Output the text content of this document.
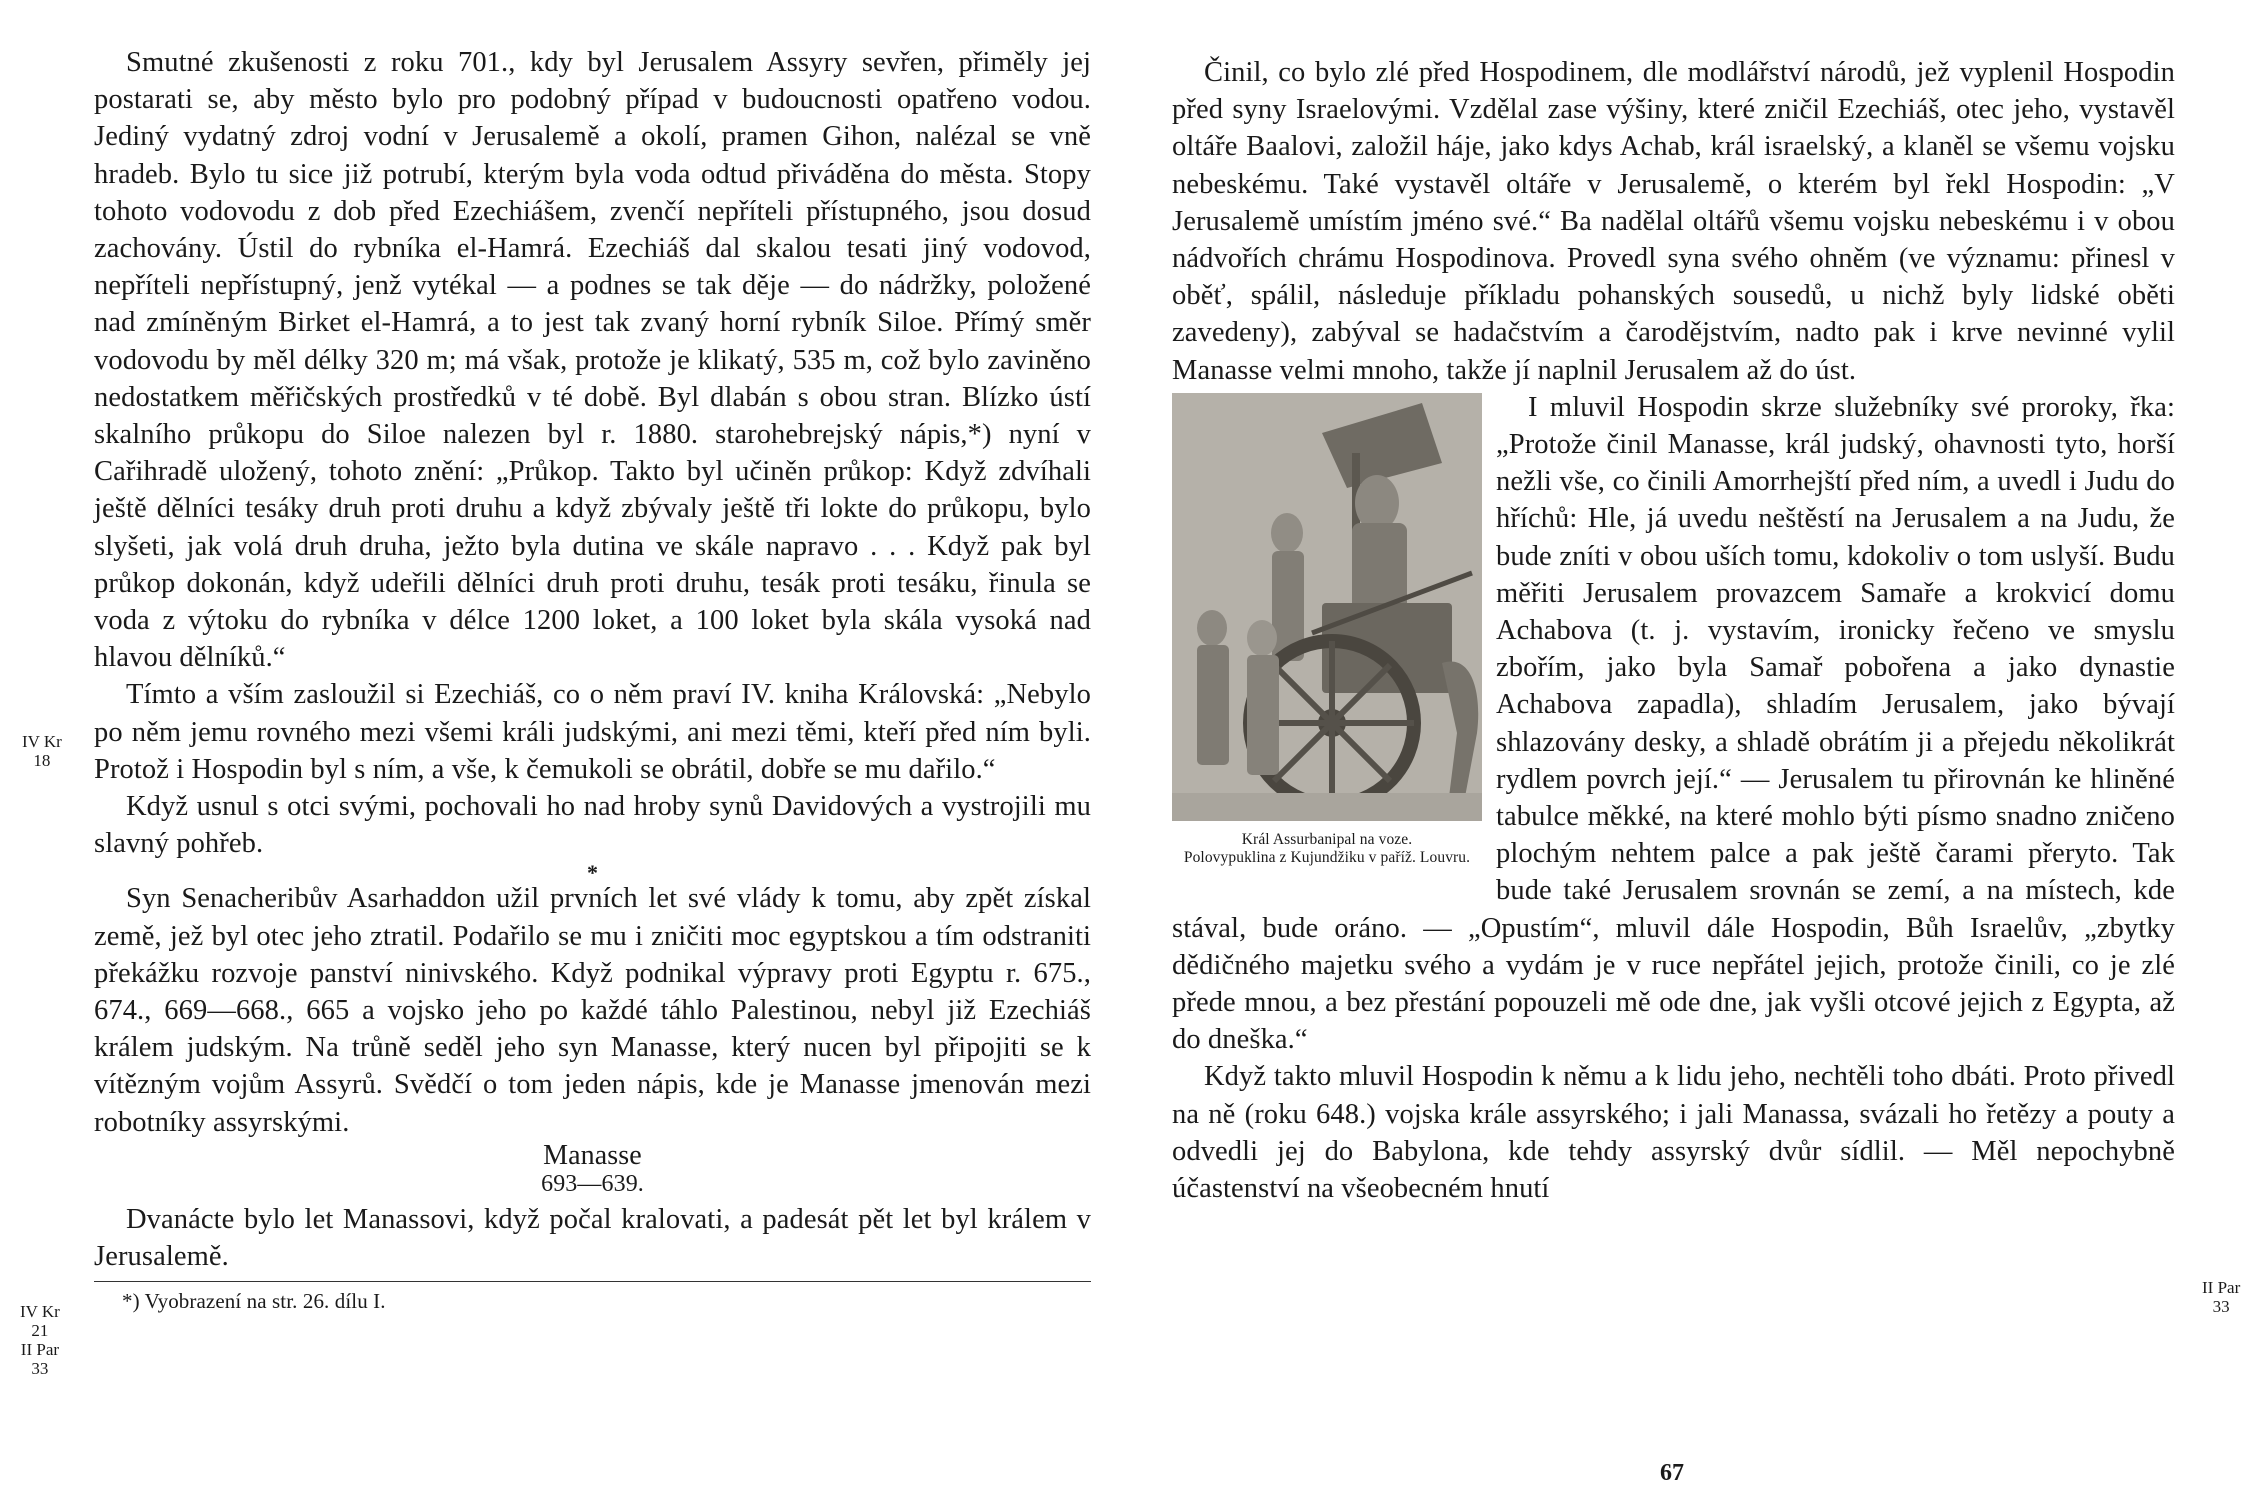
Smutné zkušenosti z roku 701., kdy byl Jerusalem Assyry sevřen, přiměly jej postarati se, aby město bylo pro podobný případ v budoucnosti opatřeno vodou. Jediný vydatný zdroj vodní v Jerusalemě a okolí, pramen Gihon, nalézal se vně hradeb. Bylo tu sice již potrubí, kterým byla voda odtud přiváděna do města. Stopy tohoto vodovodu z dob před Ezechiášem, zvenčí nepříteli přístupného, jsou dosud zachovány. Ústil do rybníka el-Hamrá. Ezechiáš dal skalou tesati jiný vodovod, nepříteli nepřístupný, jenž vytékal — a podnes se tak děje — do nádržky, položené nad zmíněným Birket el-Hamrá, a to jest tak zvaný horní rybník Siloe. Přímý směr vodovodu by měl délky 320 m; má však, protože je klikatý, 535 m, což bylo zaviněno nedostatkem měřičských prostředků v té době. Byl dlabán s obou stran. Blízko ústí skalního průkopu do Siloe nalezen byl r. 1880. starohebrejský nápis,*) nyní v Cařihradě uložený, tohoto znění: „Průkop. Takto byl učiněn průkop: Když zdvíhali ještě dělníci tesáky druh proti druhu a když zbývaly ještě tři lokte do průkopu, bylo slyšeti, jak volá druh druha, ježto byla dutina ve skále napravo . . . Když pak byl průkop dokonán, když udeřili dělníci druh proti druhu, tesák proti tesáku, řinula se voda z výtoku do rybníka v délce 1200 loket, a 100 loket byla skála vysoká nad hlavou dělníků.“

Tímto a vším zasloužil si Ezechiáš, co o něm praví IV. kniha Královská: „Nebylo po něm jemu rovného mezi všemi králi judskými, ani mezi těmi, kteří před ním byli. Protož i Hospodin byl s ním, a vše, k čemukoli se obrátil, dobře se mu dařilo.“

Když usnul s otci svými, pochovali ho nad hroby synů Davidových a vystrojili mu slavný pohřeb.

*

Syn Senacheribův Asarhaddon užil prvních let své vlády k tomu, aby zpět získal země, jež byl otec jeho ztratil. Podařilo se mu i zničiti moc egyptskou a tím odstraniti překážku rozvoje panství ninivského. Když podnikal výpravy proti Egyptu r. 675., 674., 669—668., 665 a vojsko jeho po každé táhlo Palestinou, nebyl již Ezechiáš králem judským. Na trůně seděl jeho syn Manasse, který nucen byl připojiti se k vítězným vojům Assyrů. Svědčí o tom jeden nápis, kde je Manasse jmenován mezi robotníky assyrskými.

Manasse
693—639.

Dvanácte bylo let Manassovi, když počal kralovati, a padesát pět let byl králem v Jerusalemě.

*) Vyobrazení na str. 26. dílu I.
IV Kr
18
IV Kr
21
II Par
33

Činil, co bylo zlé před Hospodinem, dle modlářství národů, jež vyplenil Hospodin před syny Israelovými. Vzdělal zase výšiny, které zničil Ezechiáš, otec jeho, vystavěl oltáře Baalovi, založil háje, jako kdys Achab, král israelský, a klaněl se všemu vojsku nebeskému. Také vystavěl oltáře v Jerusalemě, o kterém byl řekl Hospodin: „V Jerusalemě umístím jméno své.“ Ba nadělal oltářů všemu vojsku nebeskému i v obou nádvořích chrámu Hospodinova. Provedl syna svého ohněm (ve významu: přinesl v oběť, spálil, následuje příkladu pohanských sousedů, u nichž byly lidské oběti zavedeny), zabýval se hadačstvím a čarodějstvím, nadto pak i krve nevinné vylil Manasse velmi mnoho, takže jí naplnil Jerusalem až do úst.

Král Assurbanipal na voze.
Polovypuklina z Kujundžiku v paříž. Louvru.

I mluvil Hospodin skrze služebníky své proroky, řka: „Protože činil Manasse, král judský, ohavnosti tyto, horší nežli vše, co činili Amorrhejští před ním, a uvedl i Judu do hříchů: Hle, já uvedu neštěstí na Jerusalem a na Judu, že bude zníti v obou uších tomu, kdokoliv o tom uslyší. Budu měřiti Jerusalem provazcem Samaře a krokvicí domu Achabova (t. j. vystavím, ironicky řečeno ve smyslu zbořím, jako byla Samař pobořena a jako dynastie Achabova zapadla), shladím Jerusalem, jako bývají shlazovány desky, a shladě obrátím ji a přejedu několikrát rydlem povrch její.“ — Jerusalem tu přirovnán ke hliněné tabulce měkké, na které mohlo býti písmo snadno zničeno plochým nehtem palce a pak ještě čarami přeryto. Tak bude také Jerusalem srovnán se zemí, a na místech, kde stával, bude oráno. — „Opustím“, mluvil dále Hospodin, Bůh Israelův, „zbytky dědičného majetku svého a vydám je v ruce nepřátel jejich, protože činili, co je zlé přede mnou, a bez přestání popouzeli mě ode dne, jak vyšli otcové jejich z Egypta, až do dneška.“

Když takto mluvil Hospodin k němu a k lidu jeho, nechtěli toho dbáti. Proto přivedl na ně (roku 648.) vojska krále assyrského; i jali Manassa, svázali ho řetězy a pouty a odvedli jej do Babylona, kde tehdy assyrský dvůr sídlil. — Měl nepochybně účastenství na všeobecném hnutí

II Par
33
67
